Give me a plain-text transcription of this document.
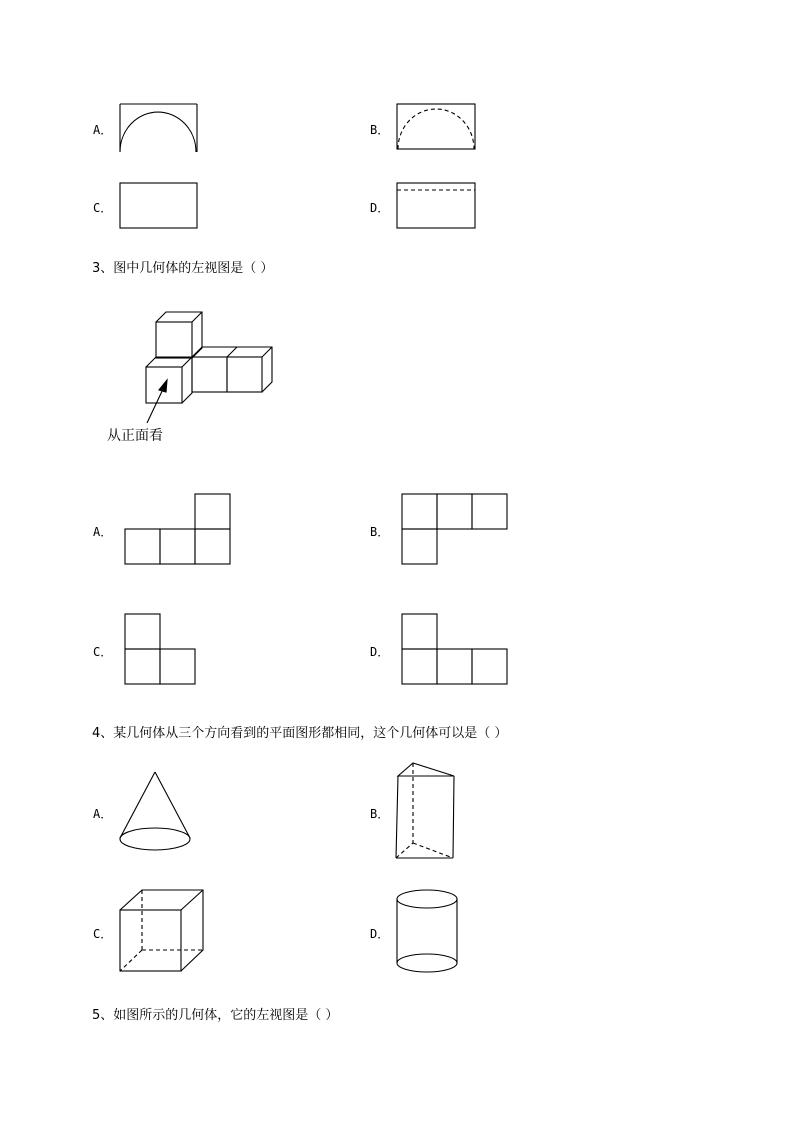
A．	B．
C．	D．
3、图中几何体的左视图是（ ）
从正面看
A．	B．
C．	D．
4、某几何体从三个方向看到的平面图形都相同，这个几何体可以是（ ）
A．	B．
C．	D．
5、如图所示的几何体，它的左视图是（ ）
